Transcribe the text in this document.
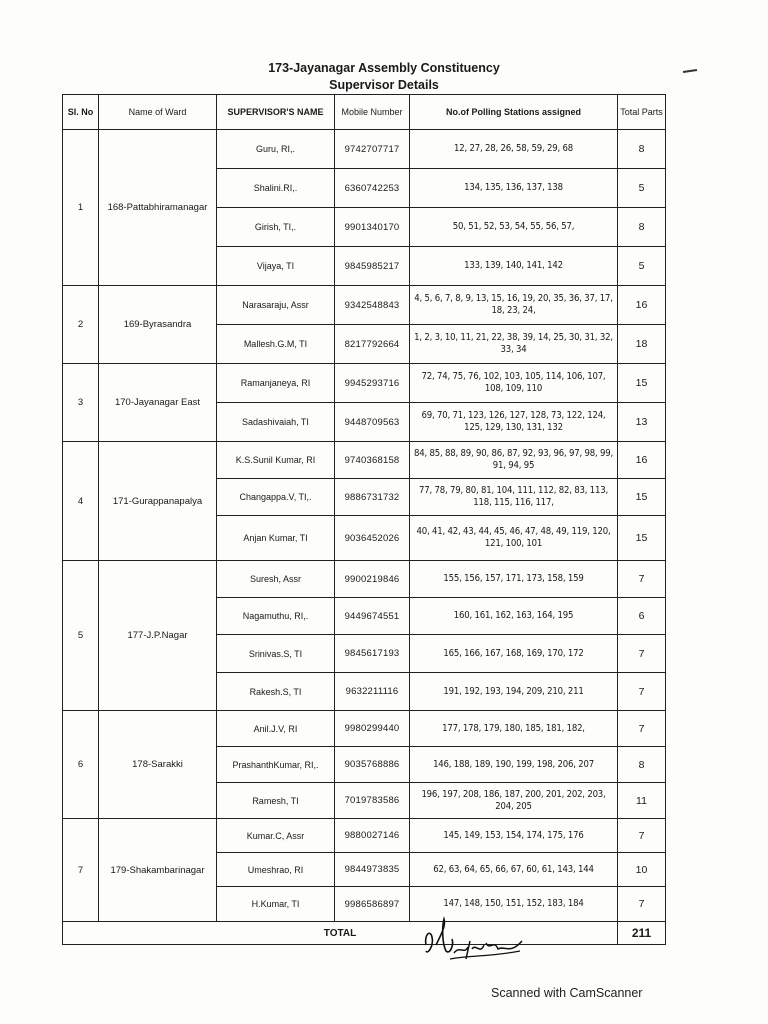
173-Jayanagar Assembly Constituency
Supervisor Details
Sl. No	Name of Ward	SUPERVISOR'S NAME	Mobile Number	No.of Polling Stations assigned	Total Parts
1	168-Pattabhiramanagar	Guru, RI,.	9742707717	12, 27, 28, 26, 58, 59, 29, 68	8
		Shalini.RI,.	6360742253	134, 135, 136, 137, 138	5
		Girish, TI,.	9901340170	50, 51, 52, 53, 54, 55, 56, 57,	8
		Vijaya, TI	9845985217	133, 139, 140, 141, 142	5
2	169-Byrasandra	Narasaraju, Assr	9342548843	4, 5, 6, 7, 8, 9, 13, 15, 16, 19, 20, 35, 36, 37, 17, 18, 23, 24,	16
		Mallesh.G.M, TI	8217792664	1, 2, 3, 10, 11, 21, 22, 38, 39, 14, 25, 30, 31, 32, 33, 34	18
3	170-Jayanagar East	Ramanjaneya, RI	9945293716	72, 74, 75, 76, 102, 103, 105, 114, 106, 107, 108, 109, 110	15
		Sadashivaiah, TI	9448709563	69, 70, 71, 123, 126, 127, 128, 73, 122, 124, 125, 129, 130, 131, 132	13
4	171-Gurappanapalya	K.S.Sunil Kumar, RI	9740368158	84, 85, 88, 89, 90, 86, 87, 92, 93, 96, 97, 98, 99, 91, 94, 95	16
		Changappa.V, TI,.	9886731732	77, 78, 79, 80, 81, 104, 111, 112, 82, 83, 113, 118, 115, 116, 117,	15
		Anjan Kumar, TI	9036452026	40, 41, 42, 43, 44, 45, 46, 47, 48, 49, 119, 120, 121, 100, 101	15
5	177-J.P.Nagar	Suresh, Assr	9900219846	155, 156, 157, 171, 173, 158, 159	7
		Nagamuthu, RI,.	9449674551	160, 161, 162, 163, 164, 195	6
		Srinivas.S, TI	9845617193	165, 166, 167, 168, 169, 170, 172	7
		Rakesh.S, TI	9632211116	191, 192, 193, 194, 209, 210, 211	7
6	178-Sarakki	Anil.J.V, RI	9980299440	177, 178, 179, 180, 185, 181, 182,	7
		PrashanthKumar, RI,.	9035768886	146, 188, 189, 190, 199, 198, 206, 207	8
		Ramesh, TI	7019783586	196, 197, 208, 186, 187, 200, 201, 202, 203, 204, 205	11
7	179-Shakambarinagar	Kumar.C, Assr	9880027146	145, 149, 153, 154, 174, 175, 176	7
		Umeshrao, RI	9844973835	62, 63, 64, 65, 66, 67, 60, 61, 143, 144	10
		H.Kumar, TI	9986586897	147, 148, 150, 151, 152, 183, 184	7
TOTAL					211
Scanned with CamScanner
